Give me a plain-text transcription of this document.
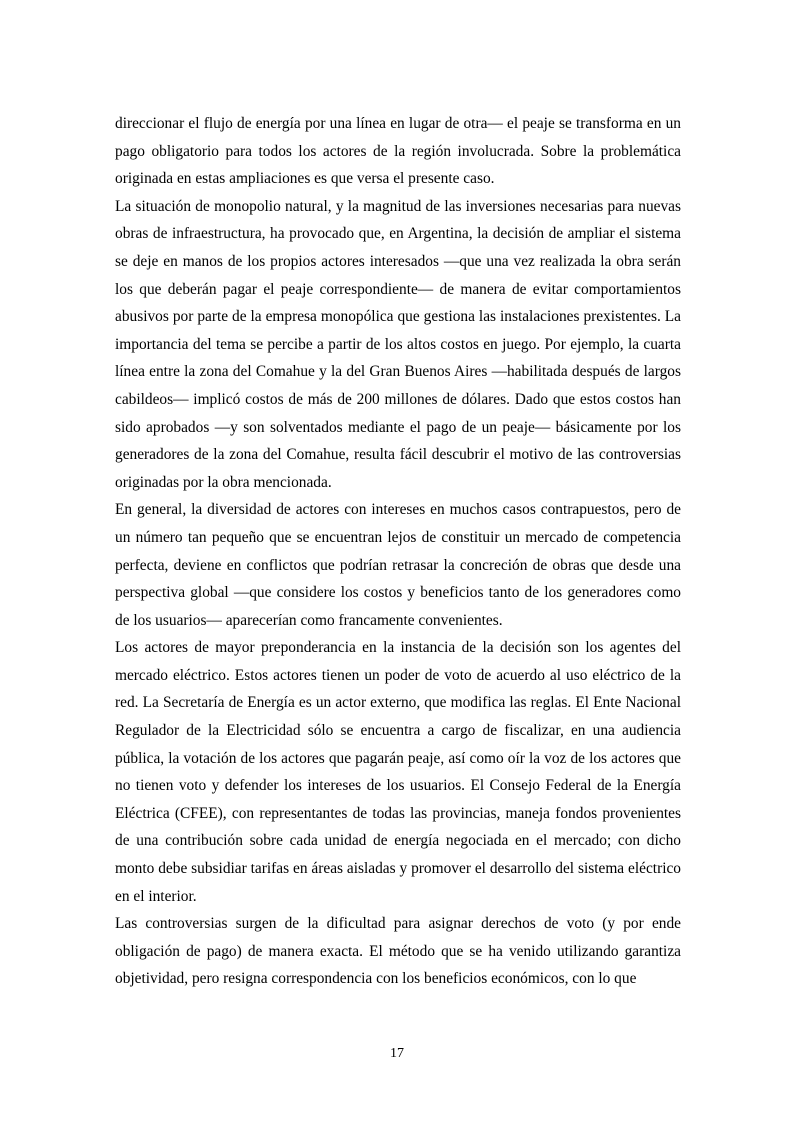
direccionar el flujo de energía por una línea en lugar de otra— el peaje se transforma en un pago obligatorio para todos los actores de la región involucrada. Sobre la problemática originada en estas ampliaciones es que versa el presente caso.

La situación de monopolio natural, y la magnitud de las inversiones necesarias para nuevas obras de infraestructura, ha provocado que, en Argentina, la decisión de ampliar el sistema se deje en manos de los propios actores interesados —que una vez realizada la obra serán los que deberán pagar el peaje correspondiente— de manera de evitar comportamientos abusivos por parte de la empresa monopólica que gestiona las instalaciones prexistentes. La importancia del tema se percibe a partir de los altos costos en juego. Por ejemplo, la cuarta línea entre la zona del Comahue y la del Gran Buenos Aires —habilitada después de largos cabildeos— implicó costos de más de 200 millones de dólares. Dado que estos costos han sido aprobados —y son solventados mediante el pago de un peaje— básicamente por los generadores de la zona del Comahue, resulta fácil descubrir el motivo de las controversias originadas por la obra mencionada.

En general, la diversidad de actores con intereses en muchos casos contrapuestos, pero de un número tan pequeño que se encuentran lejos de constituir un mercado de competencia perfecta, deviene en conflictos que podrían retrasar la concreción de obras que desde una perspectiva global —que considere los costos y beneficios tanto de los generadores como de los usuarios— aparecerían como francamente convenientes.

Los actores de mayor preponderancia en la instancia de la decisión son los agentes del mercado eléctrico. Estos actores tienen un poder de voto de acuerdo al uso eléctrico de la red. La Secretaría de Energía es un actor externo, que modifica las reglas. El Ente Nacional Regulador de la Electricidad sólo se encuentra a cargo de fiscalizar, en una audiencia pública, la votación de los actores que pagarán peaje, así como oír la voz de los actores que no tienen voto y defender los intereses de los usuarios. El Consejo Federal de la Energía Eléctrica (CFEE), con representantes de todas las provincias, maneja fondos provenientes de una contribución sobre cada unidad de energía negociada en el mercado; con dicho monto debe subsidiar tarifas en áreas aisladas y promover el desarrollo del sistema eléctrico en el interior.

Las controversias surgen de la dificultad para asignar derechos de voto (y por ende obligación de pago) de manera exacta. El método que se ha venido utilizando garantiza objetividad, pero resigna correspondencia con los beneficios económicos, con lo que

17
